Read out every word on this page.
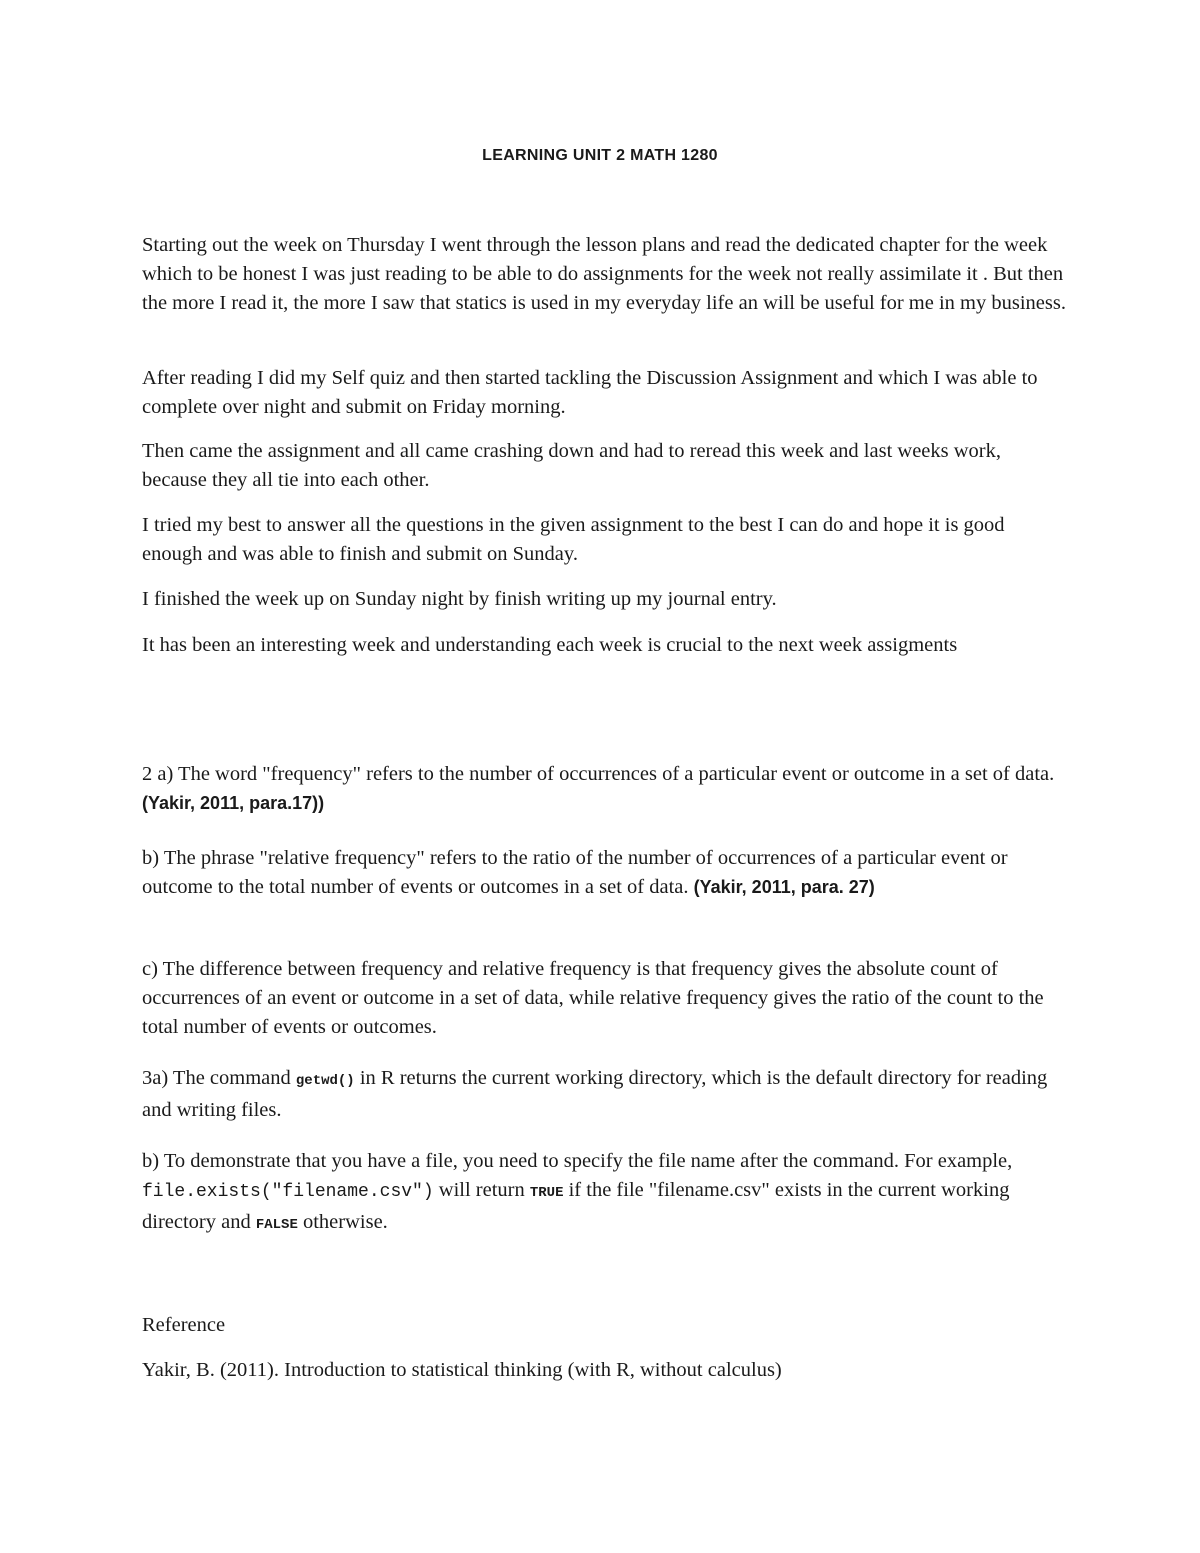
LEARNING UNIT 2 MATH 1280

Starting out the week on Thursday I went through the lesson plans and read the dedicated chapter for the week which to be honest I was just reading to be able to do assignments for the week not really assimilate it . But then the more I read it, the more I saw that statics is used in my everyday life an will be useful for me in my business.

After reading I did my Self quiz and then started tackling the Discussion Assignment and which I was able to complete over night and submit on Friday morning.

Then came the assignment and all came crashing down and had to reread this week and last weeks work, because they all tie into each other.

I tried my best to answer all the questions in the given assignment to the best I can do and hope it is good enough and was able to finish and submit on Sunday.

I finished the week up on Sunday night by finish writing up my journal entry.

It has been an interesting week and understanding each week is crucial to the next week assigments

2 a) The word "frequency" refers to the number of occurrences of a particular event or outcome in a set of data. (Yakir, 2011, para.17))

b) The phrase "relative frequency" refers to the ratio of the number of occurrences of a particular event or outcome to the total number of events or outcomes in a set of data. (Yakir, 2011, para. 27)

c) The difference between frequency and relative frequency is that frequency gives the absolute count of occurrences of an event or outcome in a set of data, while relative frequency gives the ratio of the count to the total number of events or outcomes.

3a) The command getwd() in R returns the current working directory, which is the default directory for reading and writing files.

b) To demonstrate that you have a file, you need to specify the file name after the command. For example, file.exists("filename.csv") will return TRUE if the file "filename.csv" exists in the current working directory and FALSE otherwise.

Reference

Yakir, B. (2011). Introduction to statistical thinking (with R, without calculus)
